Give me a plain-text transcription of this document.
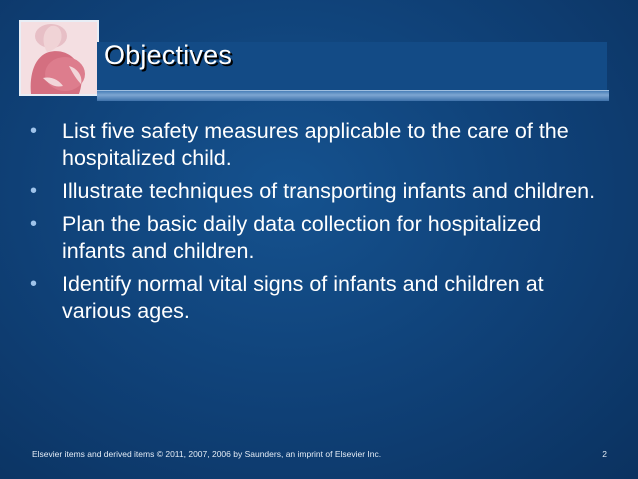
Objectives
• List five safety measures applicable to the care of the hospitalized child.
• Illustrate techniques of transporting infants and children.
• Plan the basic daily data collection for hospitalized infants and children.
• Identify normal vital signs of infants and children at various ages.
Elsevier items and derived items © 2011, 2007, 2006 by Saunders, an imprint of Elsevier Inc.	2
